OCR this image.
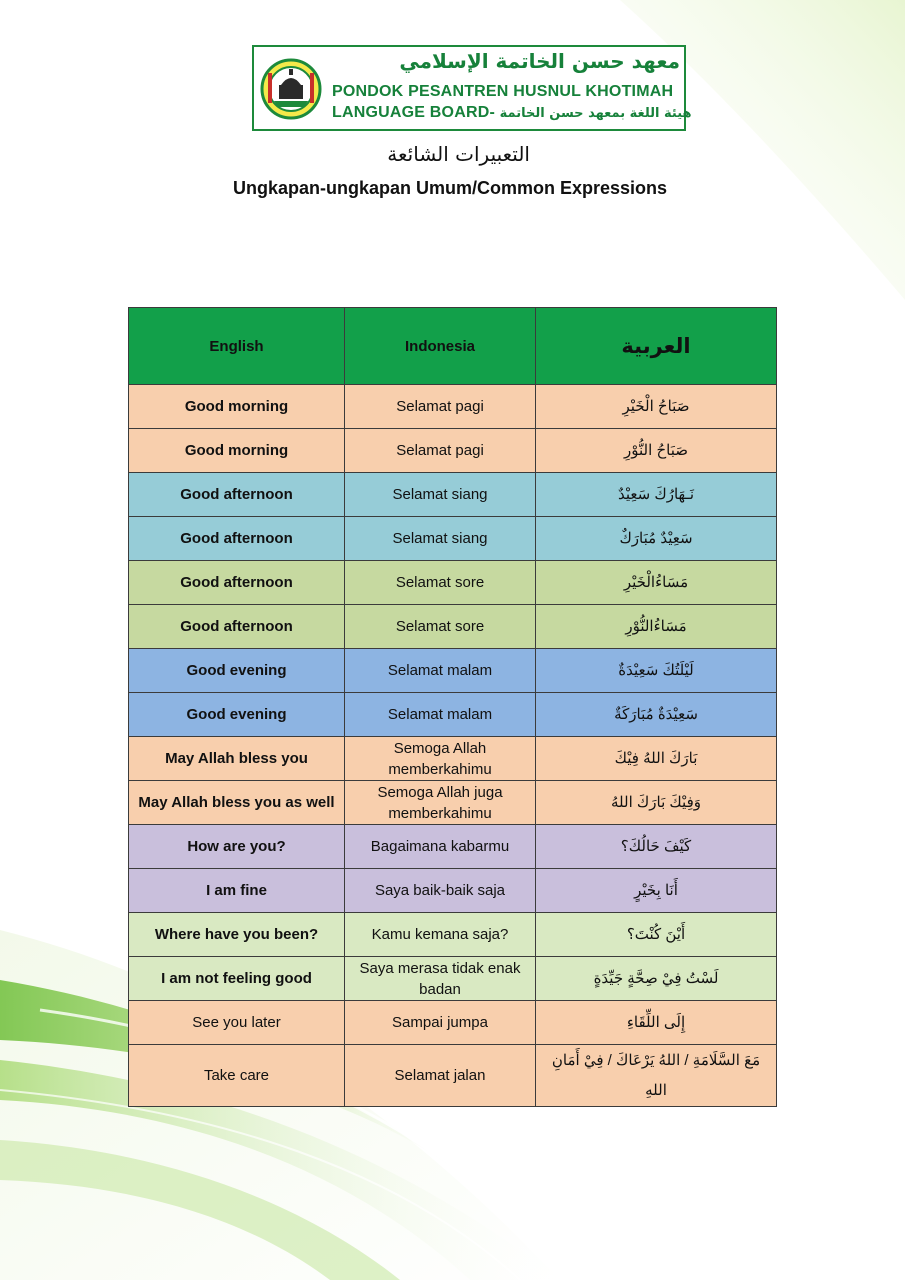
معهد حسن الخاتمة الإسلامي
PONDOK PESANTREN HUSNUL KHOTIMAH
LANGUAGE BOARD- هيئة اللغة بمعهد حسن الخاتمة
التعبيرات الشائعة
Ungkapan-ungkapan Umum/Common Expressions
English	Indonesia	العربية
Good morning	Selamat pagi	صَبَاحُ الْخَيْرِ
Good morning	Selamat pagi	صَبَاحُ النُّوْرِ
Good afternoon	Selamat siang	نَـهَارُكَ سَعِيْدٌ
Good afternoon	Selamat siang	سَعِيْدٌ مُبَارَكٌ
Good afternoon	Selamat sore	مَسَاءُالْخَيْرِ
Good afternoon	Selamat sore	مَسَاءُالنُّوْرِ
Good evening	Selamat malam	لَيْلَتُكَ سَعِيْدَةٌ
Good evening	Selamat malam	سَعِيْدَةٌ مُبَارَكَةٌ
May Allah bless you	Semoga Allah memberkahimu	بَارَكَ اللهُ فِيْكَ
May Allah bless you as well	Semoga Allah juga memberkahimu	وَفِيْكَ بَارَكَ اللهُ
How are you?	Bagaimana kabarmu	كَيْفَ حَالُكَ؟
I am fine	Saya baik-baik saja	أَنَا بِخَيْرٍ
Where have you been?	Kamu kemana saja?	أَيْنَ كُنْتَ؟
I am not feeling good	Saya merasa tidak enak badan	لَسْتُ فِيْ صِحَّةٍ جَيِّدَةٍ
See you later	Sampai jumpa	إِلَى اللِّقَاءِ
Take care	Selamat jalan	مَعَ السَّلَامَةِ / اللهُ يَرْعَاكَ / فِيْ أَمَانِ اللهِ
